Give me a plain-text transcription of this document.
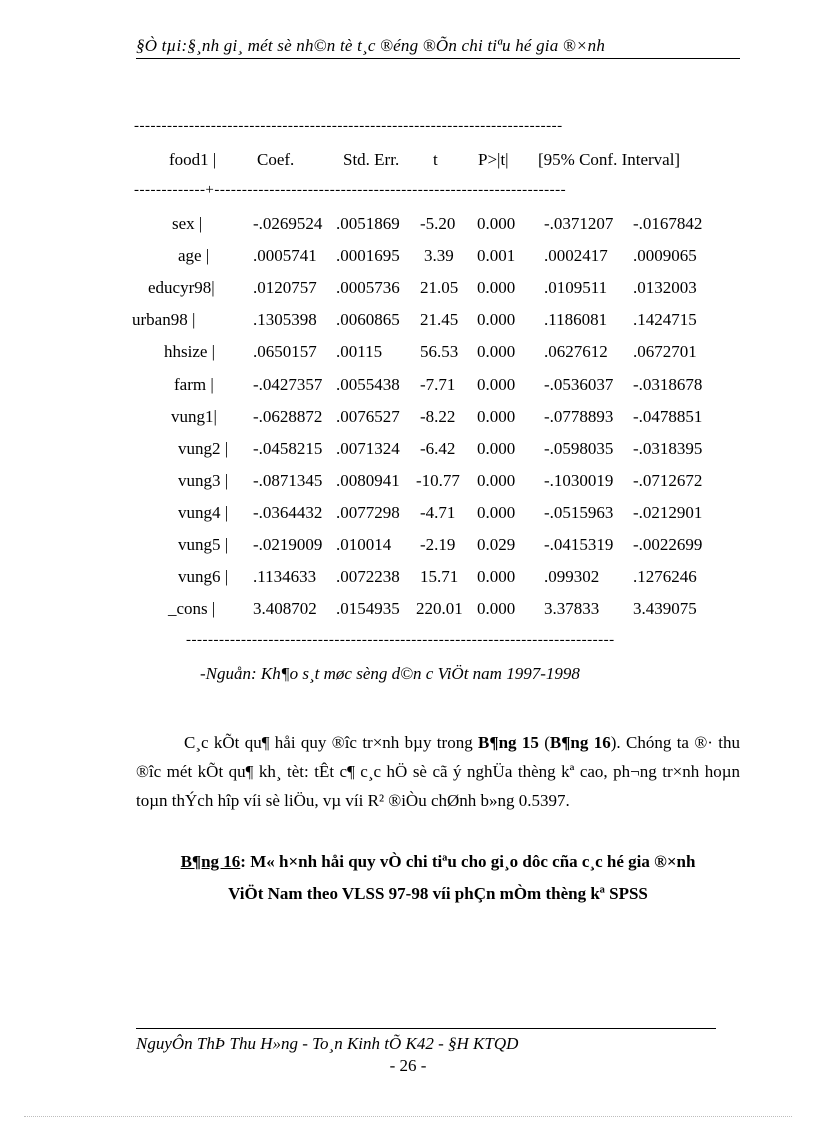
§Ò tµi:§¸nh gi¸ mét sè nh©n tè t¸c ®éng ®Õn chi tiªu hé gia ®×nh
------------------------------------------------------------------------------
food1 | Coef.	Std. Err. t P>|t| [95% Conf. Interval]
-------------+----------------------------------------------------------------
sex |	-.0269524 .0051869 -5.20 0.000 -.0371207 -.0167842
age |	.0005741 .0001695 3.39 0.001 .0002417 .0009065
educyr98| .0120757 .0005736 21.05 0.000 .0109511 .0132003
urban98 |	.1305398 .0060865 21.45 0.000 .1186081 .1424715
hhsize | .0650157 .00115 56.53 0.000 .0627612 .0672701
farm | -.0427357 .0055438 -7.71 0.000 -.0536037 -.0318678
vung1| -.0628872 .0076527 -8.22 0.000 -.0778893 -.0478851
vung2 | -.0458215 .0071324 -6.42 0.000 -.0598035 -.0318395
vung3 | -.0871345 .0080941 -10.77 0.000 -.1030019 -.0712672
vung4 | -.0364432 .0077298 -4.71 0.000 -.0515963 -.0212901
vung5 | -.0219009 .010014 -2.19 0.029 -.0415319 -.0022699
vung6 | .1134633 .0072238 15.71 0.000 .099302 .1276246
_cons | 3.408702 .0154935 220.01 0.000 3.37833 3.439075
------------------------------------------------------------------------------
-Nguån: Kh¶o s¸t møc sèng d©n c ViÖt nam 1997-1998
C¸c kÕt qu¶ håi quy ®îc tr×nh bµy trong B¶ng 15 (B¶ng 16). Chóng ta ®· thu ®îc mét kÕt qu¶ kh¸ tèt: tÊt c¶ c¸c hÖ sè cã ý nghÜa thèng kª cao, ph¬ng tr×nh hoµn toµn thÝch hîp víi sè liÖu, vµ víi R² ®iÒu chØnh b»ng 0.5397.
B¶ng 16: M« h×nh håi quy vÒ chi tiªu cho gi¸o dôc cña c¸c hé gia ®×nh
ViÖt Nam theo VLSS 97-98 víi phÇn mÒm thèng kª SPSS
NguyÔn ThÞ Thu H»ng - To¸n Kinh tÕ K42 - §H KTQD
- 26 -
